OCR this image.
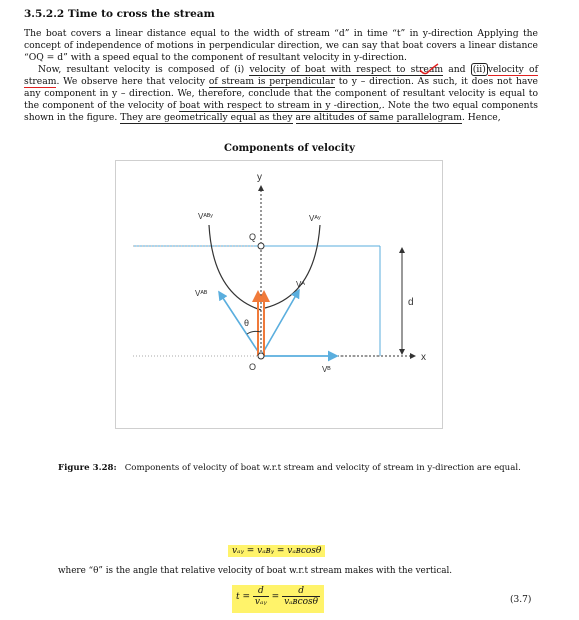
3.5.2.2 Time to cross the stream

The boat covers a linear distance equal to the width of stream “d” in time “t” in y-direction Applying the concept of independence of motions in perpendicular direction, we can say that boat covers a linear distance “OQ = d” with a speed equal to the component of resultant velocity in y-direction.

Now, resultant velocity is composed of (i) velocity of boat with respect to stream and (ii) velocity of stream. We observe here that velocity of stream is perpendicular to y – direction. As such, it does not have any component in y – direction. We, therefore, conclude that the component of resultant velocity is equal to the component of the velocity of boat with respect to stream in y -direction,. Note the two equal components shown in the figure. They are geometrically equal as they are altitudes of same parallelogram. Hence,

Components of velocity
y
x
Vᴬᴮʸ	Vᴬʸ
Vᴬᴮ
Vᴬ
Vᴮ
Q
O
θ
d
Figure 3.28: Components of velocity of boat w.r.t stream and velocity of stream in y-direction are equal.
vₐᵧ = vₐʙᵧ = vₐʙcosθ
where “θ” is the angle that relative velocity of boat w.r.t stream makes with the vertical.
$t = \frac{d}{\text{vₐᵧ}} = \frac{d}{\text{vₐʙcosθ}}$	(3.7)
